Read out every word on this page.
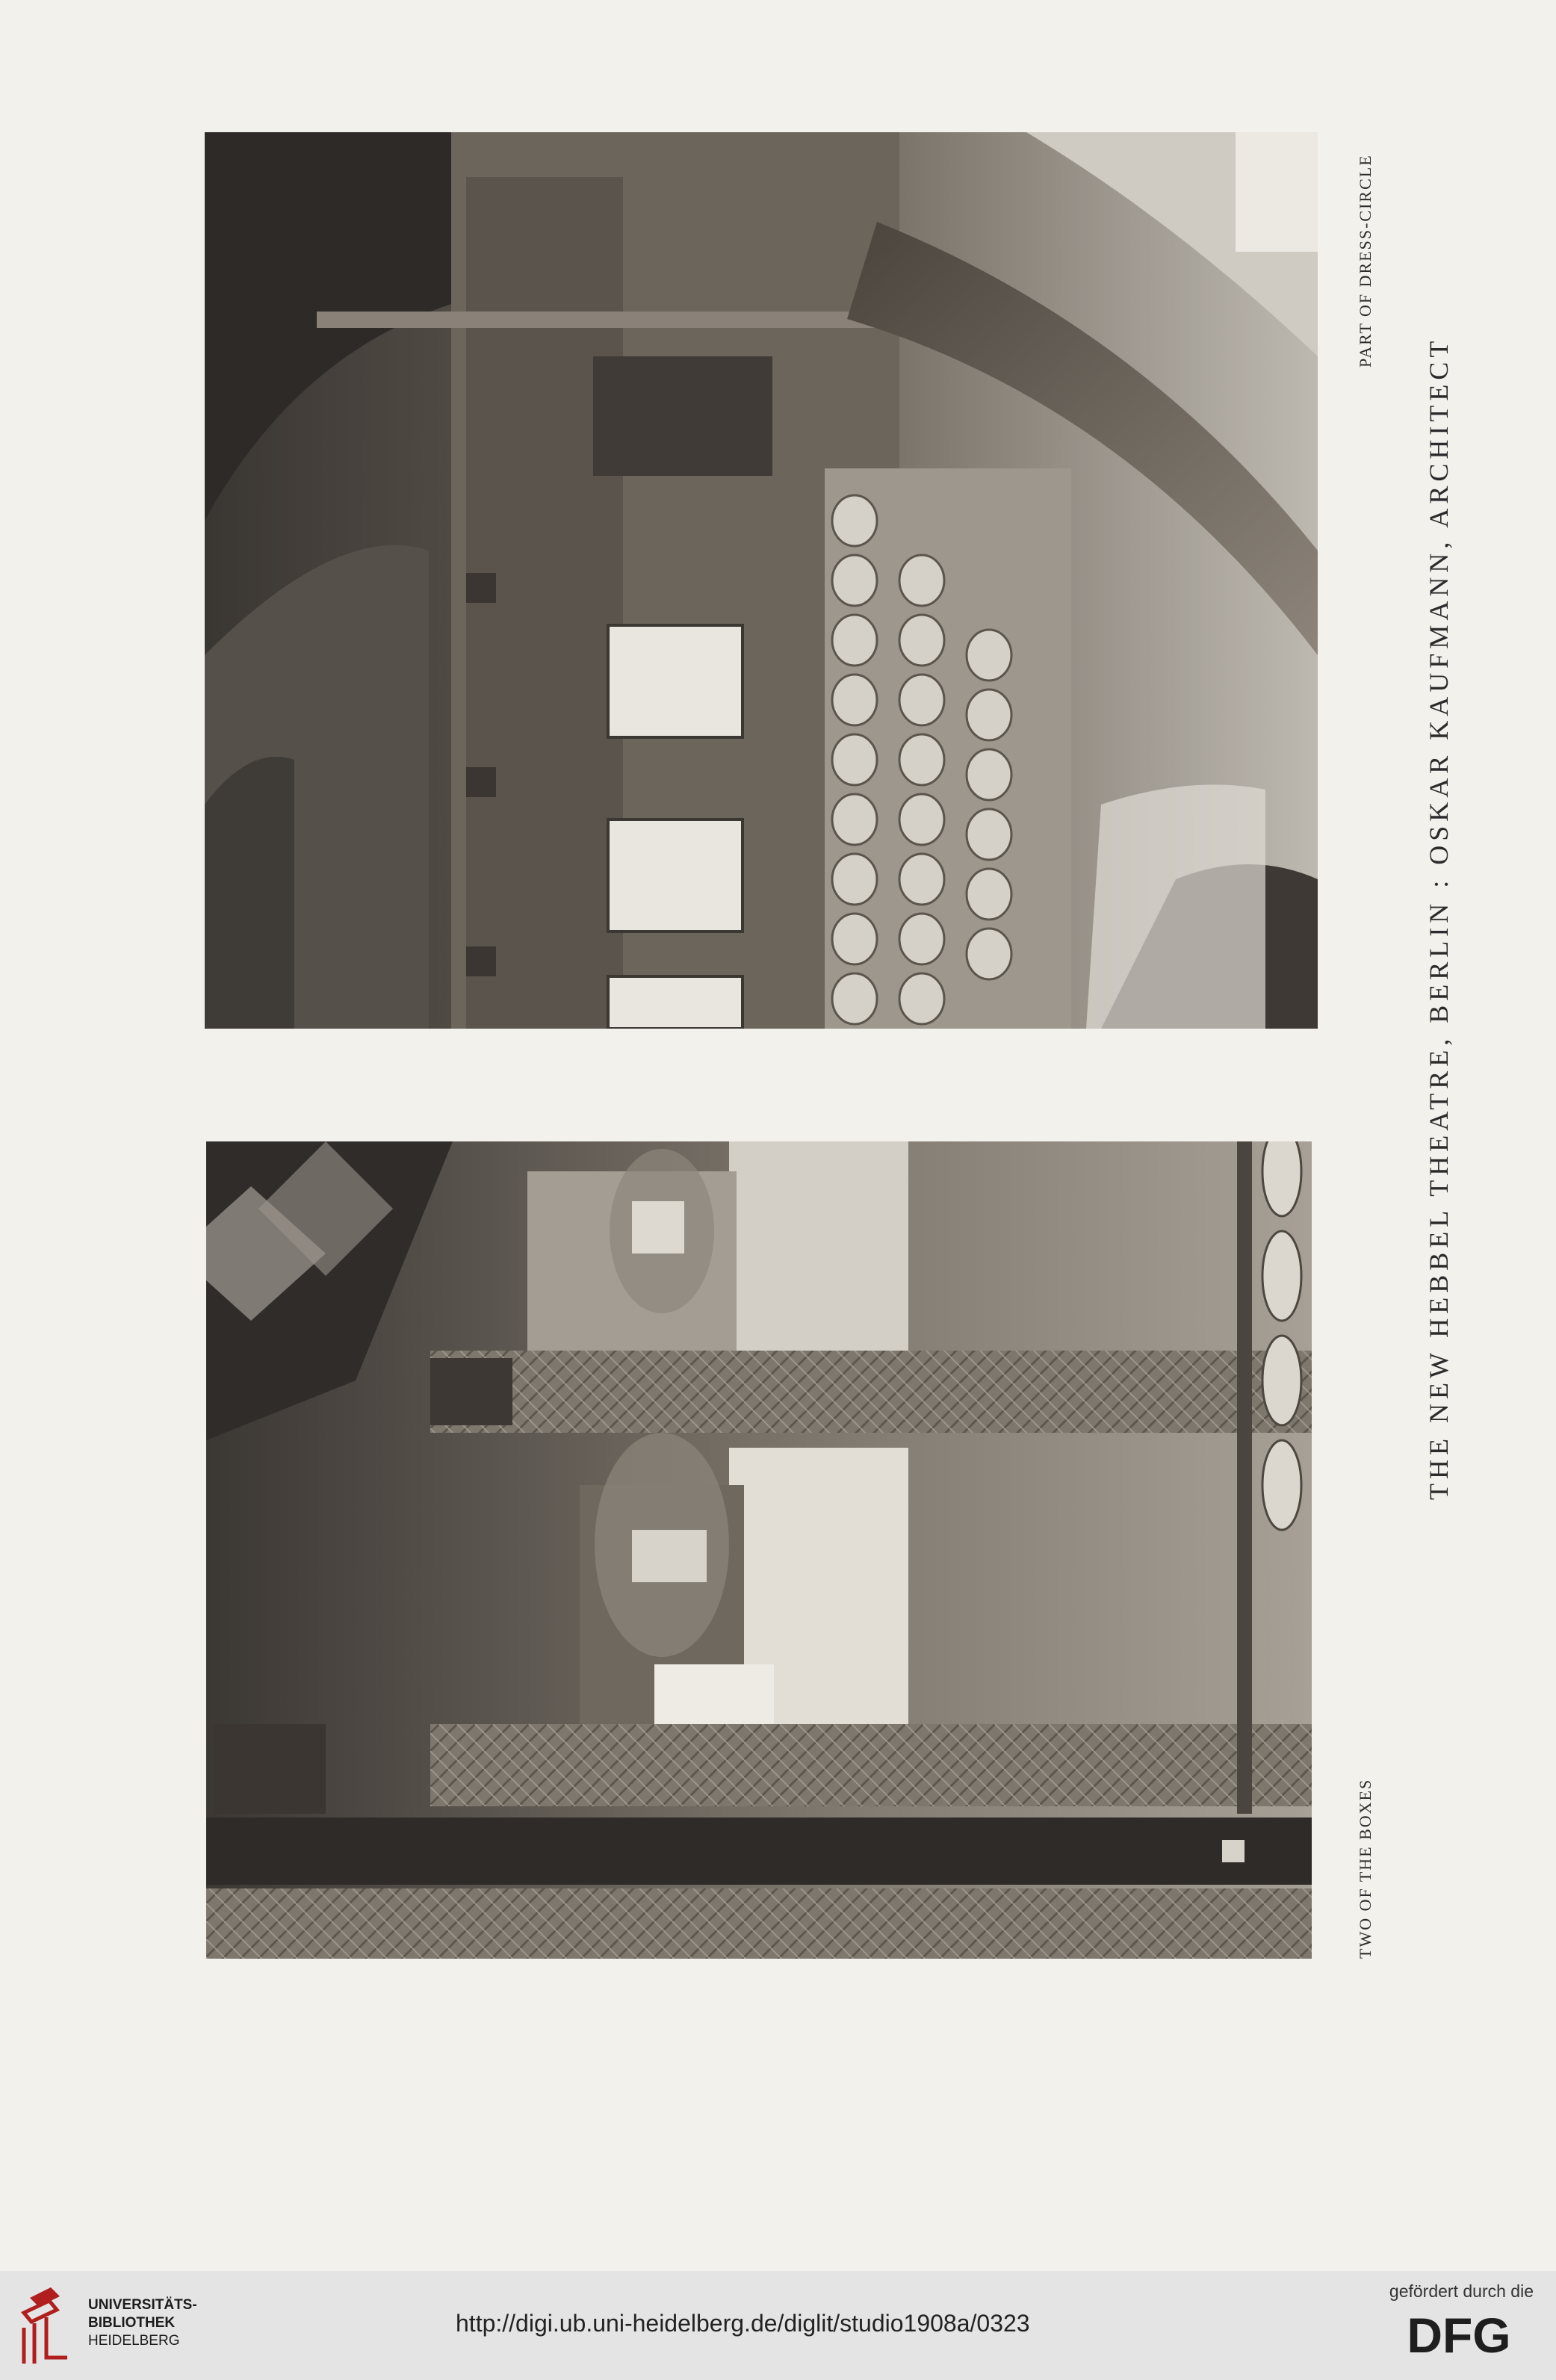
PART OF DRESS-CIRCLE
THE NEW HEBBEL THEATRE, BERLIN : OSKAR KAUFMANN, ARCHITECT
TWO OF THE BOXES
UNIVERSITÄTS-
BIBLIOTHEK
HEIDELBERG
http://digi.ub.uni-heidelberg.de/diglit/studio1908a/0323
gefördert durch die
DFG
